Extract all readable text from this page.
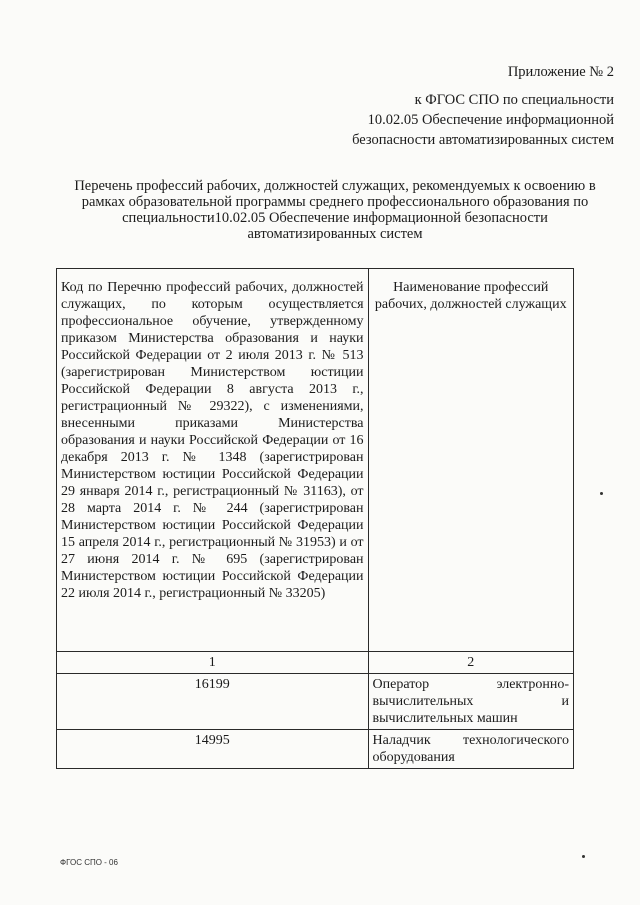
Приложение № 2
к ФГОС СПО по специальности
10.02.05 Обеспечение информационной
безопасности автоматизированных систем
Перечень профессий рабочих, должностей служащих, рекомендуемых к освоению в
рамках образовательной программы среднего профессионального образования по
специальности10.02.05 Обеспечение информационной безопасности
автоматизированных систем
Код по Перечню профессий рабочих, должностей служащих, по которым осуществляется профессиональное обучение, утвержденному приказом Министерства образования и науки Российской Федерации от 2 июля 2013 г. № 513 (зарегистрирован Министерством юстиции Российской Федерации 8 августа 2013 г., регистрационный № 29322), с изменениями, внесенными приказами Министерства образования и науки Российской Федерации от 16 декабря 2013 г. № 1348 (зарегистрирован Министерством юстиции Российской Федерации 29 января 2014 г., регистрационный № 31163), от 28 марта 2014 г. № 244 (зарегистрирован Министерством юстиции Российской Федерации 15 апреля 2014 г., регистрационный № 31953) и от 27 июня 2014 г. № 695 (зарегистрирован Министерством юстиции Российской Федерации 22 июля 2014 г., регистрационный № 33205)	Наименование профессий рабочих, должностей служащих
1	2
16199	Оператор электронно-вычислительных и вычислительных машин
14995	Наладчик технологического оборудования
ФГОС СПО - 06
